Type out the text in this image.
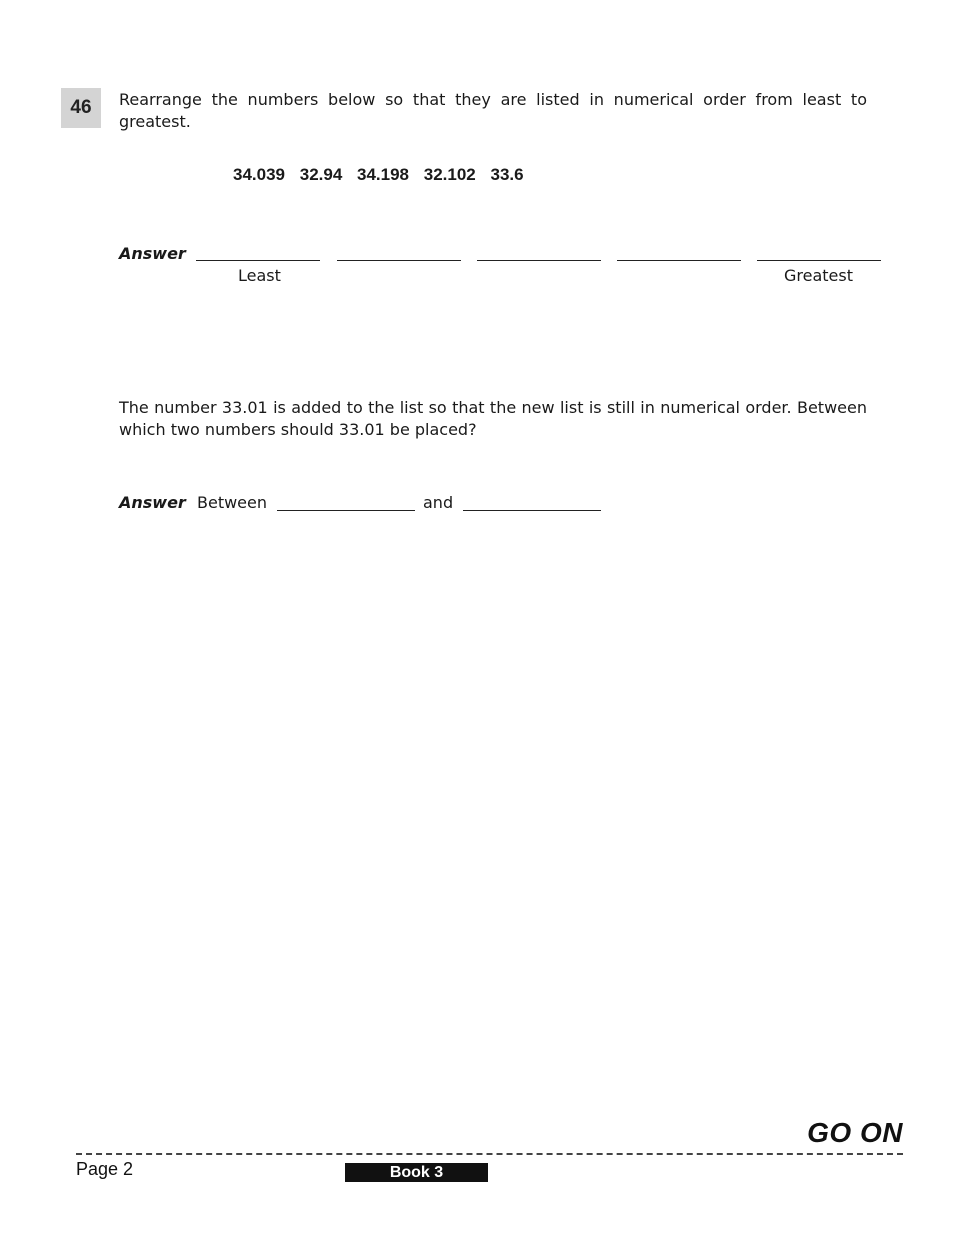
46	Rearrange the numbers below so that they are listed in numerical order from least to greatest.
34.039 32.94 34.198 32.102 33.6
Answer
Least	Greatest
The number 33.01 is added to the list so that the new list is still in numerical order. Between which two numbers should 33.01 be placed?
Answer Between	and
GO ON
Page 2	Book 3
